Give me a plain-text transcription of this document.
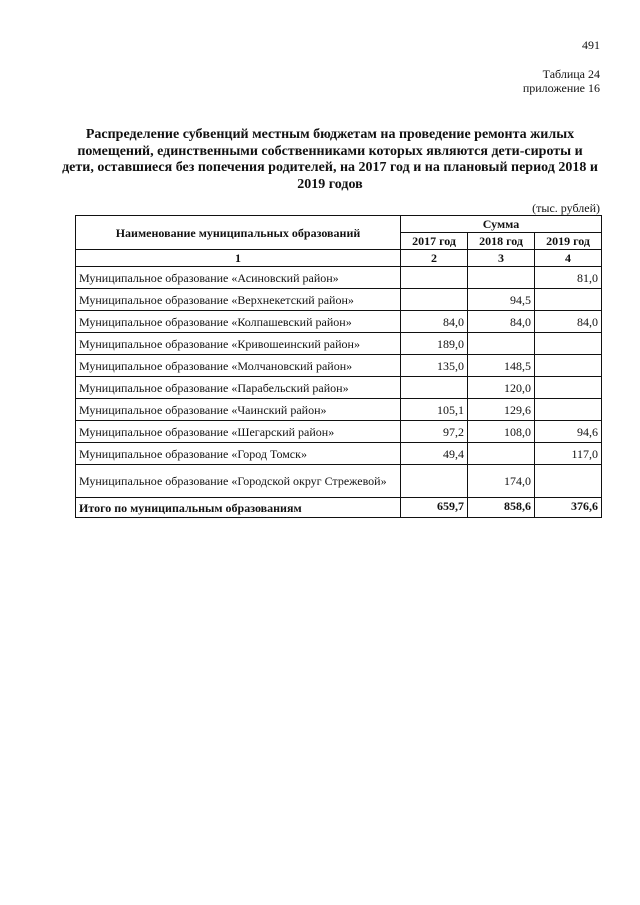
491
Таблица 24
приложение 16
Распределение субвенций местным бюджетам на проведение ремонта жилых помещений, единственными собственниками которых являются дети-сироты и дети, оставшиеся без попечения родителей, на 2017 год и на плановый период 2018 и 2019 годов
(тыс. рублей)
Наименование муниципальных образований	Сумма		
	2017 год	2018 год	2019 год
1	2	3	4
Муниципальное образование «Асиновский район»			81,0
Муниципальное образование «Верхнекетский район»		94,5	
Муниципальное образование «Колпашевский район»	84,0	84,0	84,0
Муниципальное образование «Кривошеинский район»	189,0		
Муниципальное образование «Молчановский район»	135,0	148,5	
Муниципальное образование «Парабельский район»		120,0	
Муниципальное образование «Чаинский район»	105,1	129,6	
Муниципальное образование «Шегарский район»	97,2	108,0	94,6
Муниципальное образование «Город Томск»	49,4		117,0
Муниципальное образование «Городской округ Стрежевой»		174,0	
Итого по муниципальным образованиям	659,7	858,6	376,6
